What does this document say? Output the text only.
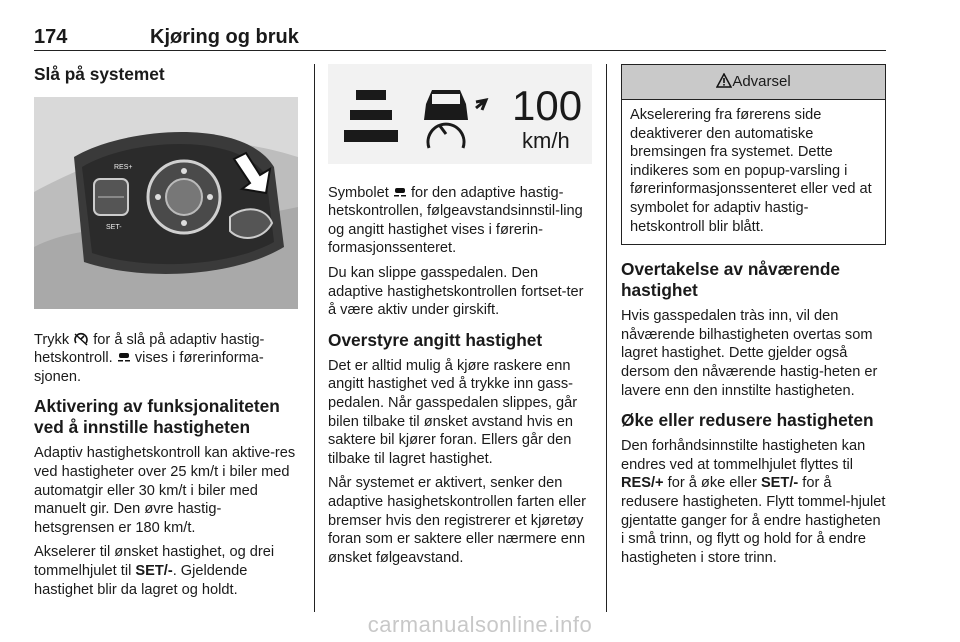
174	Kjøring og bruk
Slå på systemet
RES+
SET-

Trykk for å slå på adaptiv hastig-hetskontroll. vises i førerinforma-sjonen.

Aktivering av funksjonaliteten ved å innstille hastigheten

Adaptiv hastighetskontroll kan aktive-res ved hastigheter over 25 km/t i biler med automatgir eller 30 km/t i biler med manuelt gir. Den øvre hastig-hetsgrensen er 180 km/t.

Akselerer til ønsket hastighet, og drei tommelhjulet til SET/-. Gjeldende hastighet blir da lagret og holdt.

100
km/h

Symbolet for den adaptive hastig-hetskontrollen, følgeavstandsinnstil-ling og angitt hastighet vises i førerin-formasjonssenteret.

Du kan slippe gasspedalen. Den adaptive hastighetskontrollen fortset-ter å være aktiv under girskift.

Overstyre angitt hastighet

Det er alltid mulig å kjøre raskere enn angitt hastighet ved å trykke inn gass-pedalen. Når gasspedalen slippes, går bilen tilbake til ønsket avstand hvis en saktere bil kjører foran. Ellers går den tilbake til lagret hastighet.

Når systemet er aktivert, senker den adaptive hasighetskontrollen farten eller bremser hvis den registrerer et kjøretøy foran som er saktere eller nærmere enn ønsket følgeavstand.

Advarsel
Akselerering fra førerens side deaktiverer den automatiske bremsingen fra systemet. Dette indikeres som en popup-varsling i førerinformasjonssenteret eller ved at symbolet for adaptiv hastig-hetskontroll blir blått.
Overtakelse av nåværende hastighet

Hvis gasspedalen tràs inn, vil den nåværende bilhastigheten overtas som lagret hastighet. Dette gjelder også dersom den nåværende hastig-heten er lavere enn den innstilte hastigheten.

Øke eller redusere hastigheten

Den forhåndsinnstilte hastigheten kan endres ved at tommelhjulet flyttes til RES/+ for å øke eller SET/- for å redusere hastigheten. Flytt tommel-hjulet gjentatte ganger for å endre hastigheten i små trinn, og flytt og hold for å endre hastigheten i store trinn.

carmanualsonline.info
